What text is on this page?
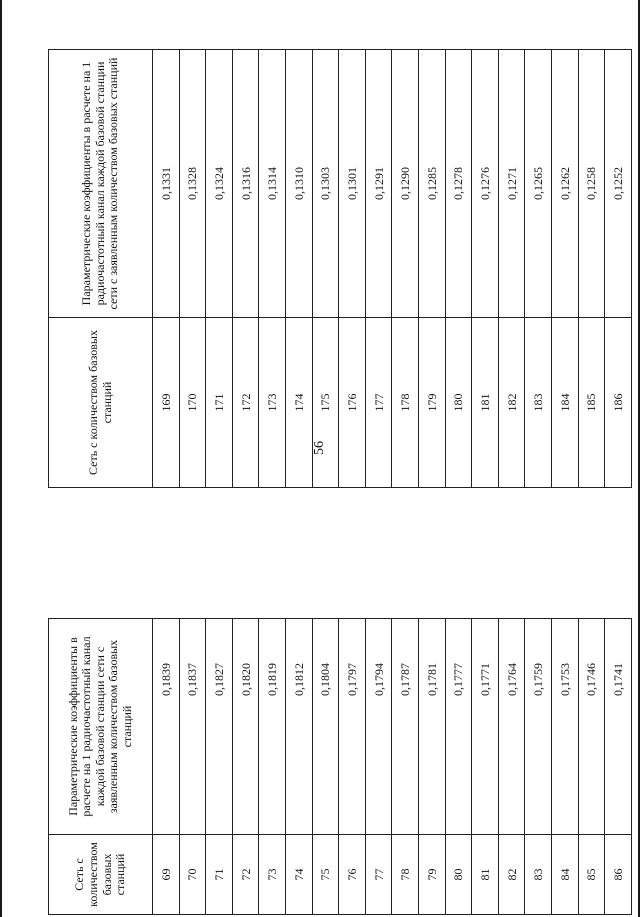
56
Сеть с количеством базовых станций	Параметрические коэффициенты в расчете на 1 радиочастотный канал каждой базовой станции сети с заявленным количеством базовых станций
69	0,1839
70	0,1837
71	0,1827
72	0,1820
73	0,1819
74	0,1812
75	0,1804
76	0,1797
77	0,1794
78	0,1787
79	0,1781
80	0,1777
81	0,1771
82	0,1764
83	0,1759
84	0,1753
85	0,1746
86	0,1741
Сеть с количеством базовых станций	Параметрические коэффициенты в расчете на 1 радиочастотный канал каждой базовой станции сети с заявленным количеством базовых станций
169	0,1331
170	0,1328
171	0,1324
172	0,1316
173	0,1314
174	0,1310
175	0,1303
176	0,1301
177	0,1291
178	0,1290
179	0,1285
180	0,1278
181	0,1276
182	0,1271
183	0,1265
184	0,1262
185	0,1258
186	0,1252
